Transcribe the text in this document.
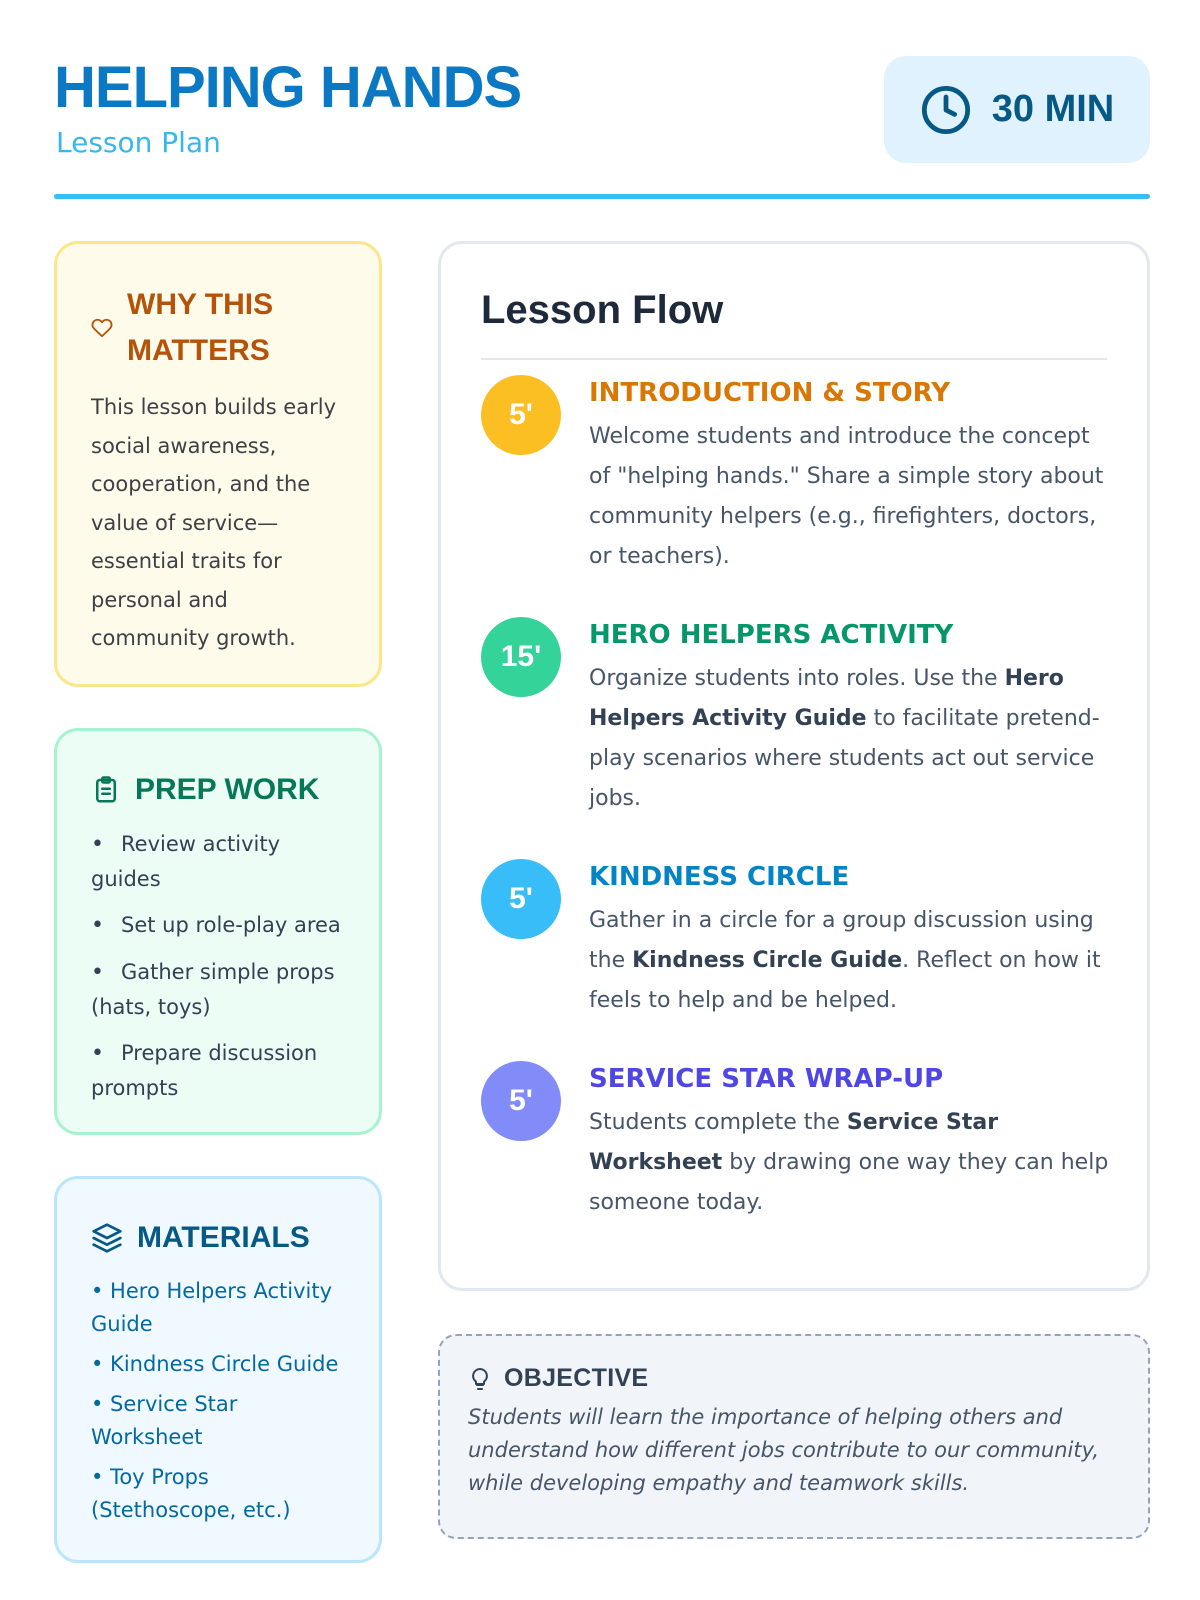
HELPING HANDS
Lesson Plan
30 MIN
WHY THIS MATTERS
This lesson builds early social awareness, cooperation, and the value of service—essential traits for personal and community growth.
PREP WORK
• Review activity guides
• Set up role-play area
• Gather simple props (hats, toys)
• Prepare discussion prompts
MATERIALS
• Hero Helpers Activity Guide
• Kindness Circle Guide
• Service Star Worksheet
• Toy Props (Stethoscope, etc.)
Lesson Flow
5'
INTRODUCTION & STORY
Welcome students and introduce the concept of "helping hands." Share a simple story about community helpers (e.g., firefighters, doctors, or teachers).
15'
HERO HELPERS ACTIVITY
Organize students into roles. Use the Hero Helpers Activity Guide to facilitate pretend-play scenarios where students act out service jobs.
5'
KINDNESS CIRCLE
Gather in a circle for a group discussion using the Kindness Circle Guide. Reflect on how it feels to help and be helped.
5'
SERVICE STAR WRAP-UP
Students complete the Service Star Worksheet by drawing one way they can help someone today.
OBJECTIVE
Students will learn the importance of helping others and understand how different jobs contribute to our community, while developing empathy and teamwork skills.
